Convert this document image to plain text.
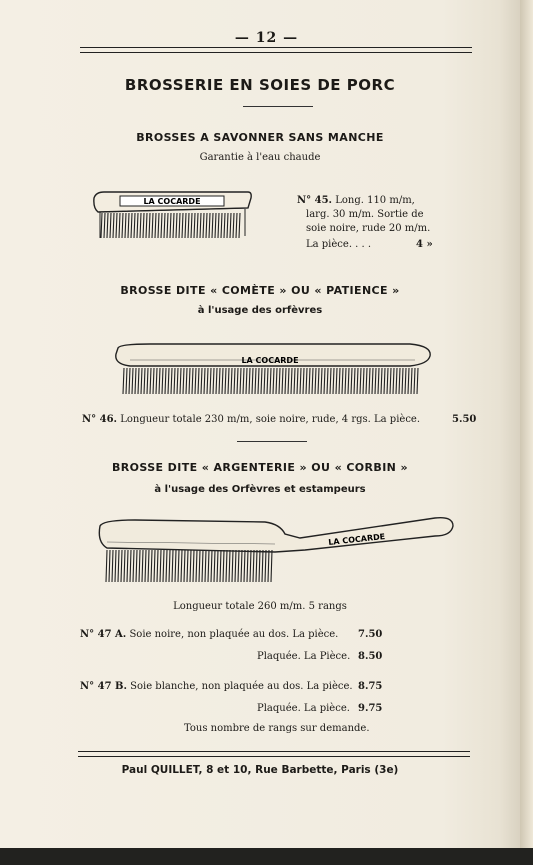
— 12 —
BROSSERIE EN SOIES DE PORC
BROSSES A SAVONNER SANS MANCHE
Garantie à l'eau chaude
LA COCARDE	N° 45. Long. 110 m/m,
larg. 30 m/m. Sortie de
soie noire, rude 20 m/m.
La pièce. . . .	4 »
BROSSE DITE « COMÈTE » OU « PATIENCE »
à l'usage des orfèvres
LA COCARDE
N° 46. Longueur totale 230 m/m, soie noire, rude, 4 rgs. La pièce.	5.50
BROSSE DITE « ARGENTERIE » OU « CORBIN »
à l'usage des Orfèvres et estampeurs
LA COCARDE
Longueur totale 260 m/m. 5 rangs
N° 47 A. Soie noire, non plaquée au dos. La pièce. 7.50
Plaquée. La Pièce. 8.50
N° 47 B. Soie blanche, non plaquée au dos. La pièce. 8.75
Plaquée. La pièce. 9.75
Tous nombre de rangs sur demande.
Paul QUILLET, 8 et 10, Rue Barbette, Paris (3e)
